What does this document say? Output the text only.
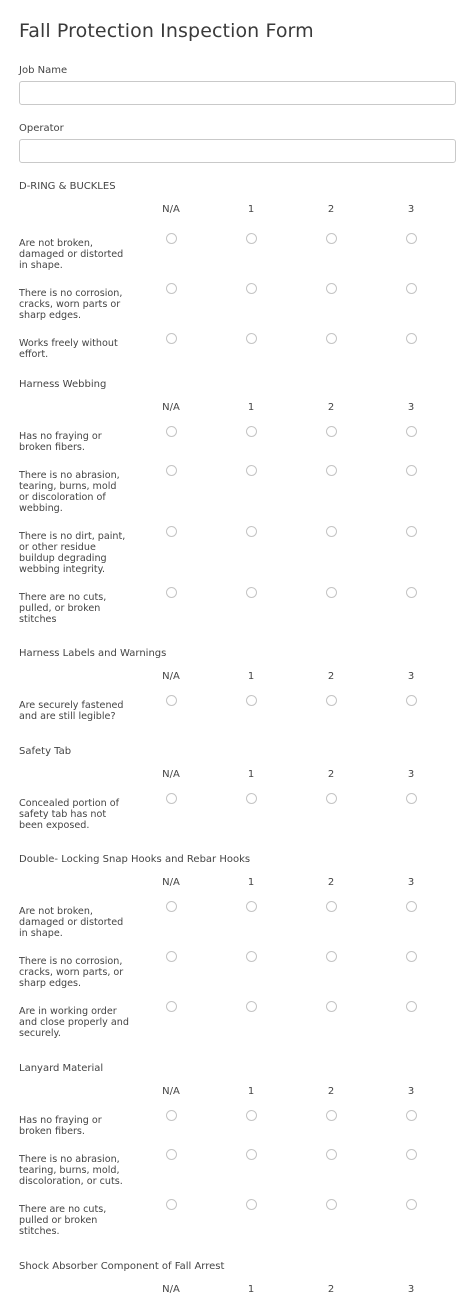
Fall Protection Inspection Form
Job Name
Operator
D-RING & BUCKLES
N/A	1	2	3
Are not broken, damaged or distorted in shape.
There is no corrosion, cracks, worn parts or sharp edges.
Works freely without effort.
Harness Webbing
N/A	1	2	3
Has no fraying or broken fibers.
There is no abrasion, tearing, burns, mold or discoloration of webbing.
There is no dirt, paint, or other residue buildup degrading webbing integrity.
There are no cuts, pulled, or broken stitches
Harness Labels and Warnings
N/A	1	2	3
Are securely fastened and are still legible?
Safety Tab
N/A	1	2	3
Concealed portion of safety tab has not been exposed.
Double- Locking Snap Hooks and Rebar Hooks
N/A	1	2	3
Are not broken, damaged or distorted in shape.
There is no corrosion, cracks, worn parts, or sharp edges.
Are in working order and close properly and securely.
Lanyard Material
N/A	1	2	3
Has no fraying or broken fibers.
There is no abrasion, tearing, burns, mold, discoloration, or cuts.
There are no cuts, pulled or broken stitches.
Shock Absorber Component of Fall Arrest
N/A	1	2	3
